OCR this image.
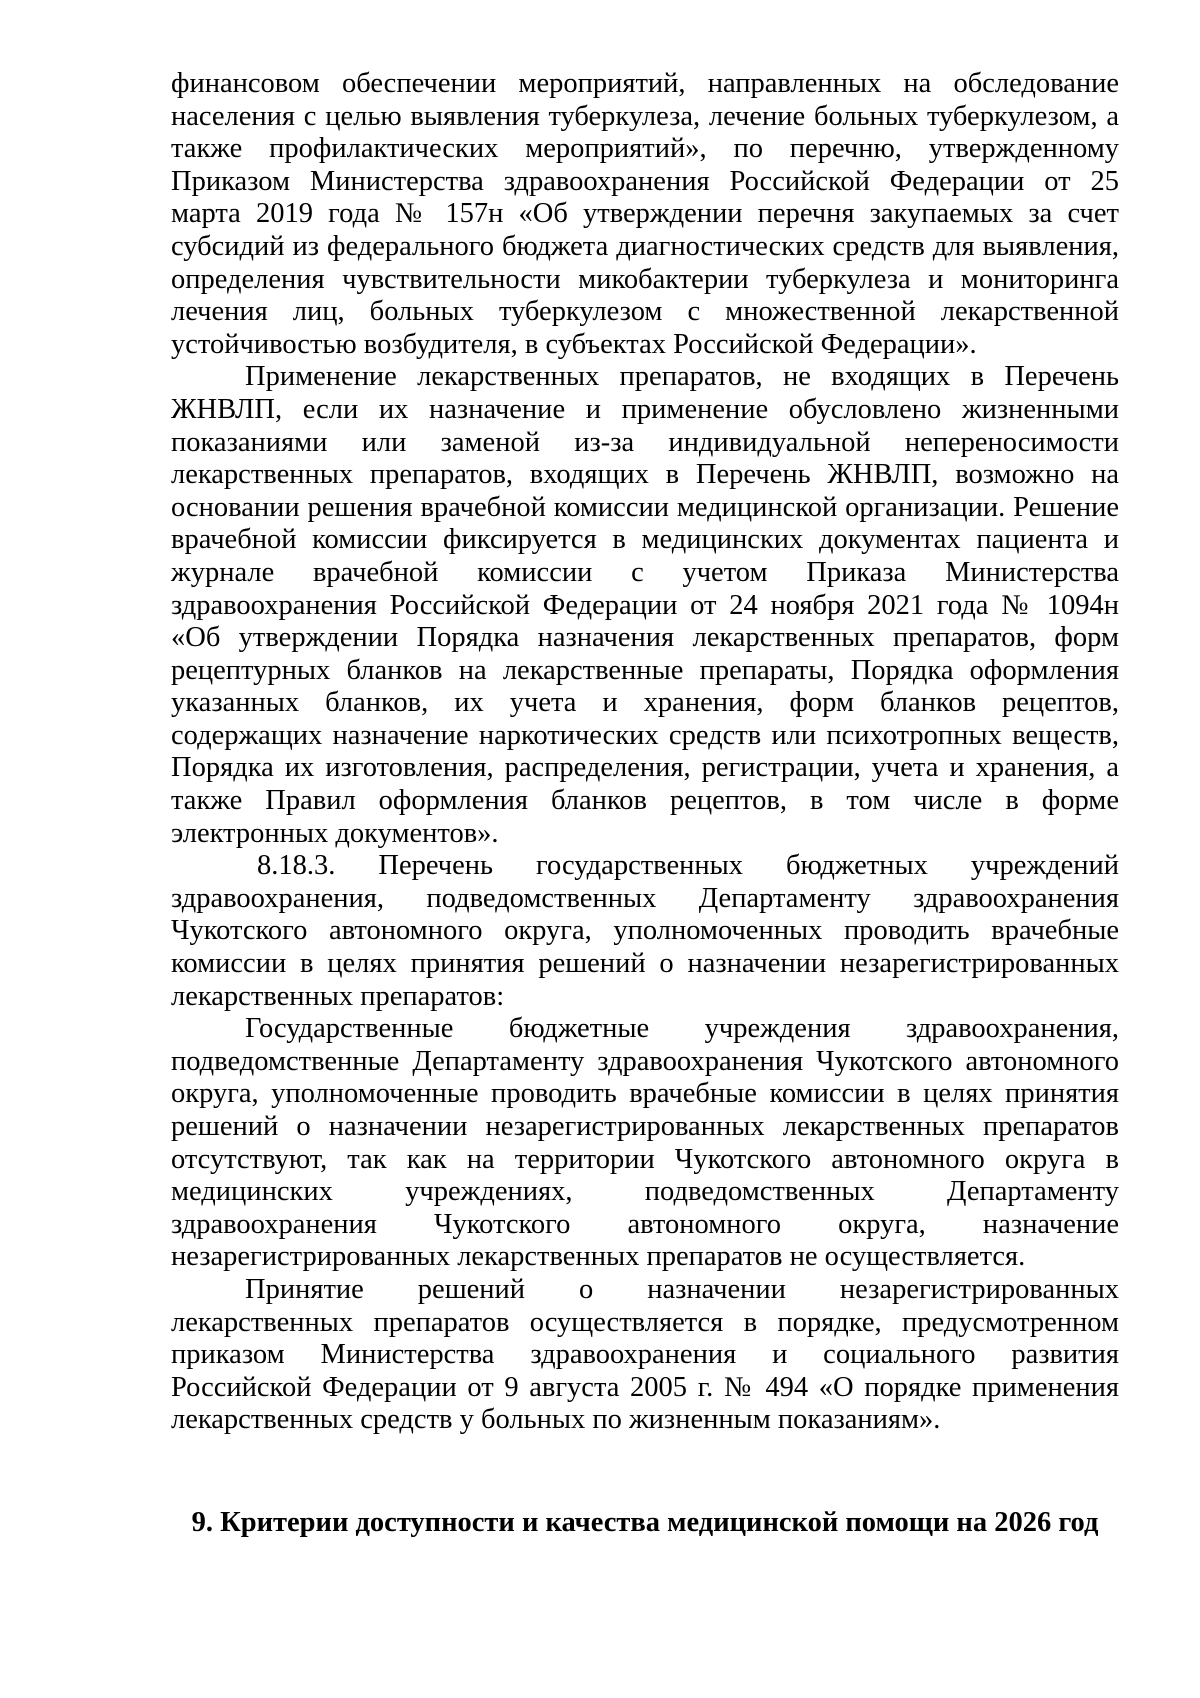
финансовом обеспечении мероприятий, направленных на обследование населения с целью выявления туберкулеза, лечение больных туберкулезом, а также профилактических мероприятий», по перечню, утвержденному Приказом Министерства здравоохранения Российской Федерации от 25 марта 2019 года № 157н «Об утверждении перечня закупаемых за счет субсидий из федерального бюджета диагностических средств для выявления, определения чувствительности микобактерии туберкулеза и мониторинга лечения лиц, больных туберкулезом с множественной лекарственной устойчивостью возбудителя, в субъектах Российской Федерации».

Применение лекарственных препаратов, не входящих в Перечень ЖНВЛП, если их назначение и применение обусловлено жизненными показаниями или заменой из-за индивидуальной непереносимости лекарственных препаратов, входящих в Перечень ЖНВЛП, возможно на основании решения врачебной комиссии медицинской организации. Решение врачебной комиссии фиксируется в медицинских документах пациента и журнале врачебной комиссии с учетом Приказа Министерства здравоохранения Российской Федерации от 24 ноября 2021 года № 1094н «Об утверждении Порядка назначения лекарственных препаратов, форм рецептурных бланков на лекарственные препараты, Порядка оформления указанных бланков, их учета и хранения, форм бланков рецептов, содержащих назначение наркотических средств или психотропных веществ, Порядка их изготовления, распределения, регистрации, учета и хранения, а также Правил оформления бланков рецептов, в том числе в форме электронных документов».

8.18.3. Перечень государственных бюджетных учреждений здравоохранения, подведомственных Департаменту здравоохранения Чукотского автономного округа, уполномоченных проводить врачебные комиссии в целях принятия решений о назначении незарегистрированных лекарственных препаратов:

Государственные бюджетные учреждения здравоохранения, подведомственные Департаменту здравоохранения Чукотского автономного округа, уполномоченные проводить врачебные комиссии в целях принятия решений о назначении незарегистрированных лекарственных препаратов отсутствуют, так как на территории Чукотского автономного округа в медицинских учреждениях, подведомственных Департаменту здравоохранения Чукотского автономного округа, назначение незарегистрированных лекарственных препаратов не осуществляется.

Принятие решений о назначении незарегистрированных лекарственных препаратов осуществляется в порядке, предусмотренном приказом Министерства здравоохранения и социального развития Российской Федерации от 9 августа 2005 г. № 494 «О порядке применения лекарственных средств у больных по жизненным показаниям».

9. Критерии доступности и качества медицинской помощи на 2026 год
